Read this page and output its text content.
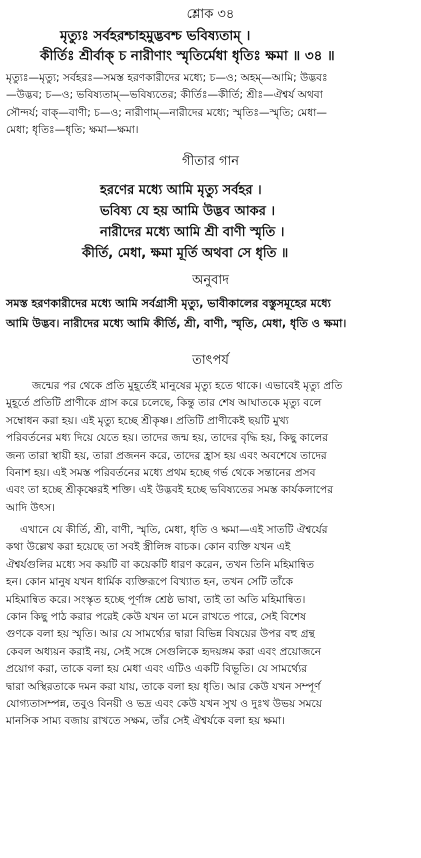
শ্লোক ৩৪
মৃত্যুঃ সর্বহরশ্চাহমুদ্ভবশ্চ ভবিষ্যতাম্ ।
কীর্তিঃ শ্রীর্বাক্ চ নারীণাং স্মৃতির্মেধা ধৃতিঃ ক্ষমা ॥ ৩৪ ॥
মৃত্যুঃ—মৃত্যু; সর্বহরঃ—সমস্ত হরণকারীদের মধ্যে; চ—ও; অহম্—আমি; উদ্ভবঃ
—উদ্ভব; চ—ও; ভবিষ্যতাম্—ভবিষ্যতের; কীর্তিঃ—কীর্তি; শ্রীঃ—ঐশ্বর্য অথবা
সৌন্দর্য; বাক্—বাণী; চ—ও; নারীণাম্—নারীদের মধ্যে; স্মৃতিঃ—স্মৃতি; মেধা—
মেধা; ধৃতিঃ—ধৃতি; ক্ষমা—ক্ষমা।
গীতার গান
হরণের মধ্যে আমি মৃত্যু সর্বহর ।
ভবিষ্য যে হয় আমি উদ্ভব আকর ।
নারীদের মধ্যে আমি শ্রী বাণী স্মৃতি ।
কীর্তি, মেধা, ক্ষমা মূর্তি অথবা সে ধৃতি ॥
অনুবাদ
সমস্ত হরণকারীদের মধ্যে আমি সর্বগ্রাসী মৃত্যু, ভাবীকালের বস্তুসমূহের মধ্যে
আমি উদ্ভব। নারীদের মধ্যে আমি কীর্তি, শ্রী, বাণী, স্মৃতি, মেধা, ধৃতি ও ক্ষমা।
তাৎপর্য
জন্মের পর থেকে প্রতি মুহূর্তেই মানুষের মৃত্যু হতে থাকে। এভাবেই মৃত্যু প্রতি
মুহূর্তে প্রতিটি প্রাণীকে গ্রাস করে চলেছে, কিন্তু তার শেষ আঘাতকে মৃত্যু বলে
সম্বোধন করা হয়। এই মৃত্যু হচ্ছে শ্রীকৃষ্ণ। প্রতিটি প্রাণীকেই ছয়টি মুখ্য
পরিবর্তনের মধ্য দিয়ে যেতে হয়। তাদের জন্ম হয়, তাদের বৃদ্ধি হয়, কিছু কালের
জন্য তারা স্থায়ী হয়, তারা প্রজনন করে, তাদের হ্রাস হয় এবং অবশেষে তাদের
বিনাশ হয়। এই সমস্ত পরিবর্তনের মধ্যে প্রথম হচ্ছে গর্ভ থেকে সন্তানের প্রসব
এবং তা হচ্ছে শ্রীকৃষ্ণেরই শক্তি। এই উদ্ভবই হচ্ছে ভবিষ্যতের সমস্ত কার্যকলাপের
আদি উৎস।
এখানে যে কীর্তি, শ্রী, বাণী, স্মৃতি, মেধা, ধৃতি ও ক্ষমা—এই সাতটি ঐশ্বর্যের
কথা উল্লেখ করা হয়েছে তা সবই স্ত্রীলিঙ্গ বাচক। কোন ব্যক্তি যখন এই
ঐশ্বর্যগুলির মধ্যে সব কয়টি বা কয়েকটি ধারণ করেন, তখন তিনি মহিমান্বিত
হন। কোন মানুষ যখন ধার্মিক ব্যক্তিরূপে বিখ্যাত হন, তখন সেটি তাঁকে
মহিমান্বিত করে। সংস্কৃত হচ্ছে পূর্ণাঙ্গ শ্রেষ্ঠ ভাষা, তাই তা অতি মহিমান্বিত।
কোন কিছু পাঠ করার পরেই কেউ যখন তা মনে রাখতে পারে, সেই বিশেষ
গুণকে বলা হয় স্মৃতি। আর যে সামর্থ্যের দ্বারা বিভিন্ন বিষয়ের উপর বহু গ্রন্থ
কেবল অধ্যয়ন করাই নয়, সেই সঙ্গে সেগুলিকে হৃদয়ঙ্গম করা এবং প্রয়োজনে
প্রয়োগ করা, তাকে বলা হয় মেধা এবং এটিও একটি বিভূতি। যে সামর্থ্যের
দ্বারা অস্থিরতাকে দমন করা যায়, তাকে বলা হয় ধৃতি। আর কেউ যখন সম্পূর্ণ
যোগ্যতাসম্পন্ন, তবুও বিনয়ী ও ভদ্র এবং কেউ যখন সুখ ও দুঃখ উভয় সময়ে
মানসিক সাম্য বজায় রাখতে সক্ষম, তাঁর সেই ঐশ্বর্যকে বলা হয় ক্ষমা।
